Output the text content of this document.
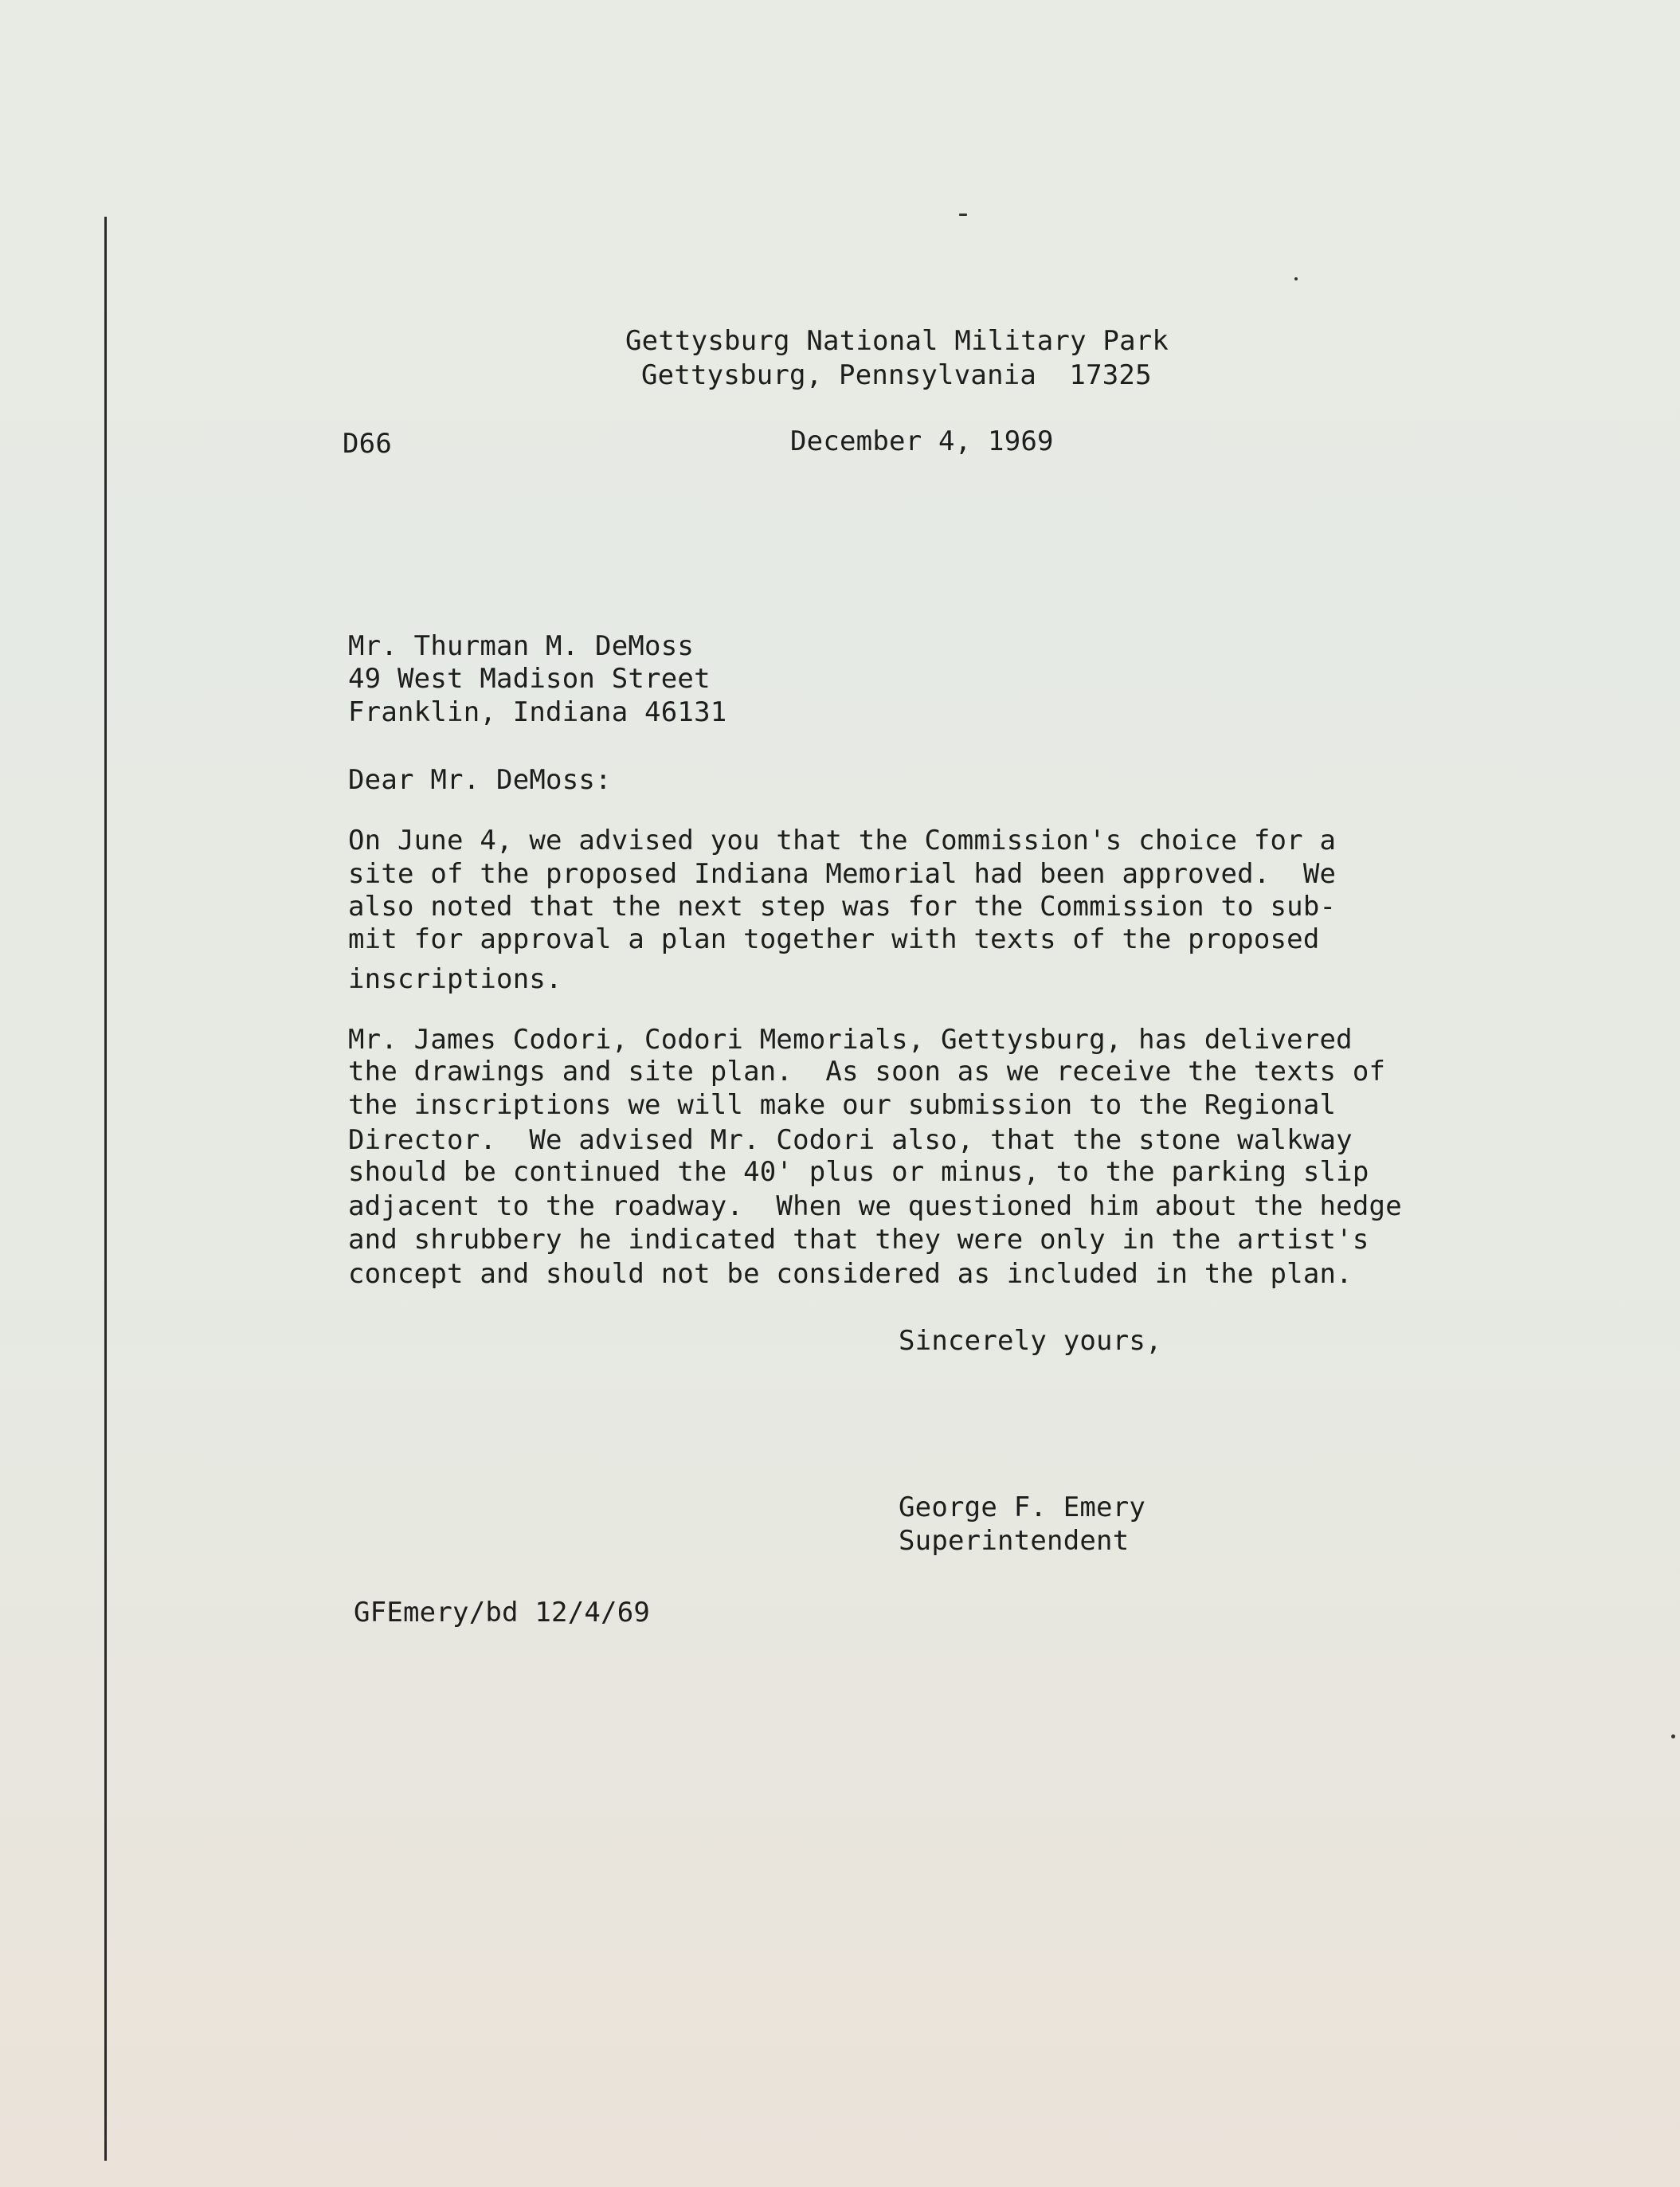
Gettysburg National Military Park
Gettysburg, Pennsylvania  17325
D66	December 4, 1969
Mr. Thurman M. DeMoss
49 West Madison Street
Franklin, Indiana 46131
Dear Mr. DeMoss:
On June 4, we advised you that the Commission's choice for a
site of the proposed Indiana Memorial had been approved.  We
also noted that the next step was for the Commission to sub-
mit for approval a plan together with texts of the proposed
inscriptions.
Mr. James Codori, Codori Memorials, Gettysburg, has delivered
the drawings and site plan.  As soon as we receive the texts of
the inscriptions we will make our submission to the Regional
Director.  We advised Mr. Codori also, that the stone walkway
should be continued the 40' plus or minus, to the parking slip
adjacent to the roadway.  When we questioned him about the hedge
and shrubbery he indicated that they were only in the artist's
concept and should not be considered as included in the plan.
Sincerely yours,
George F. Emery
Superintendent
GFEmery/bd 12/4/69
